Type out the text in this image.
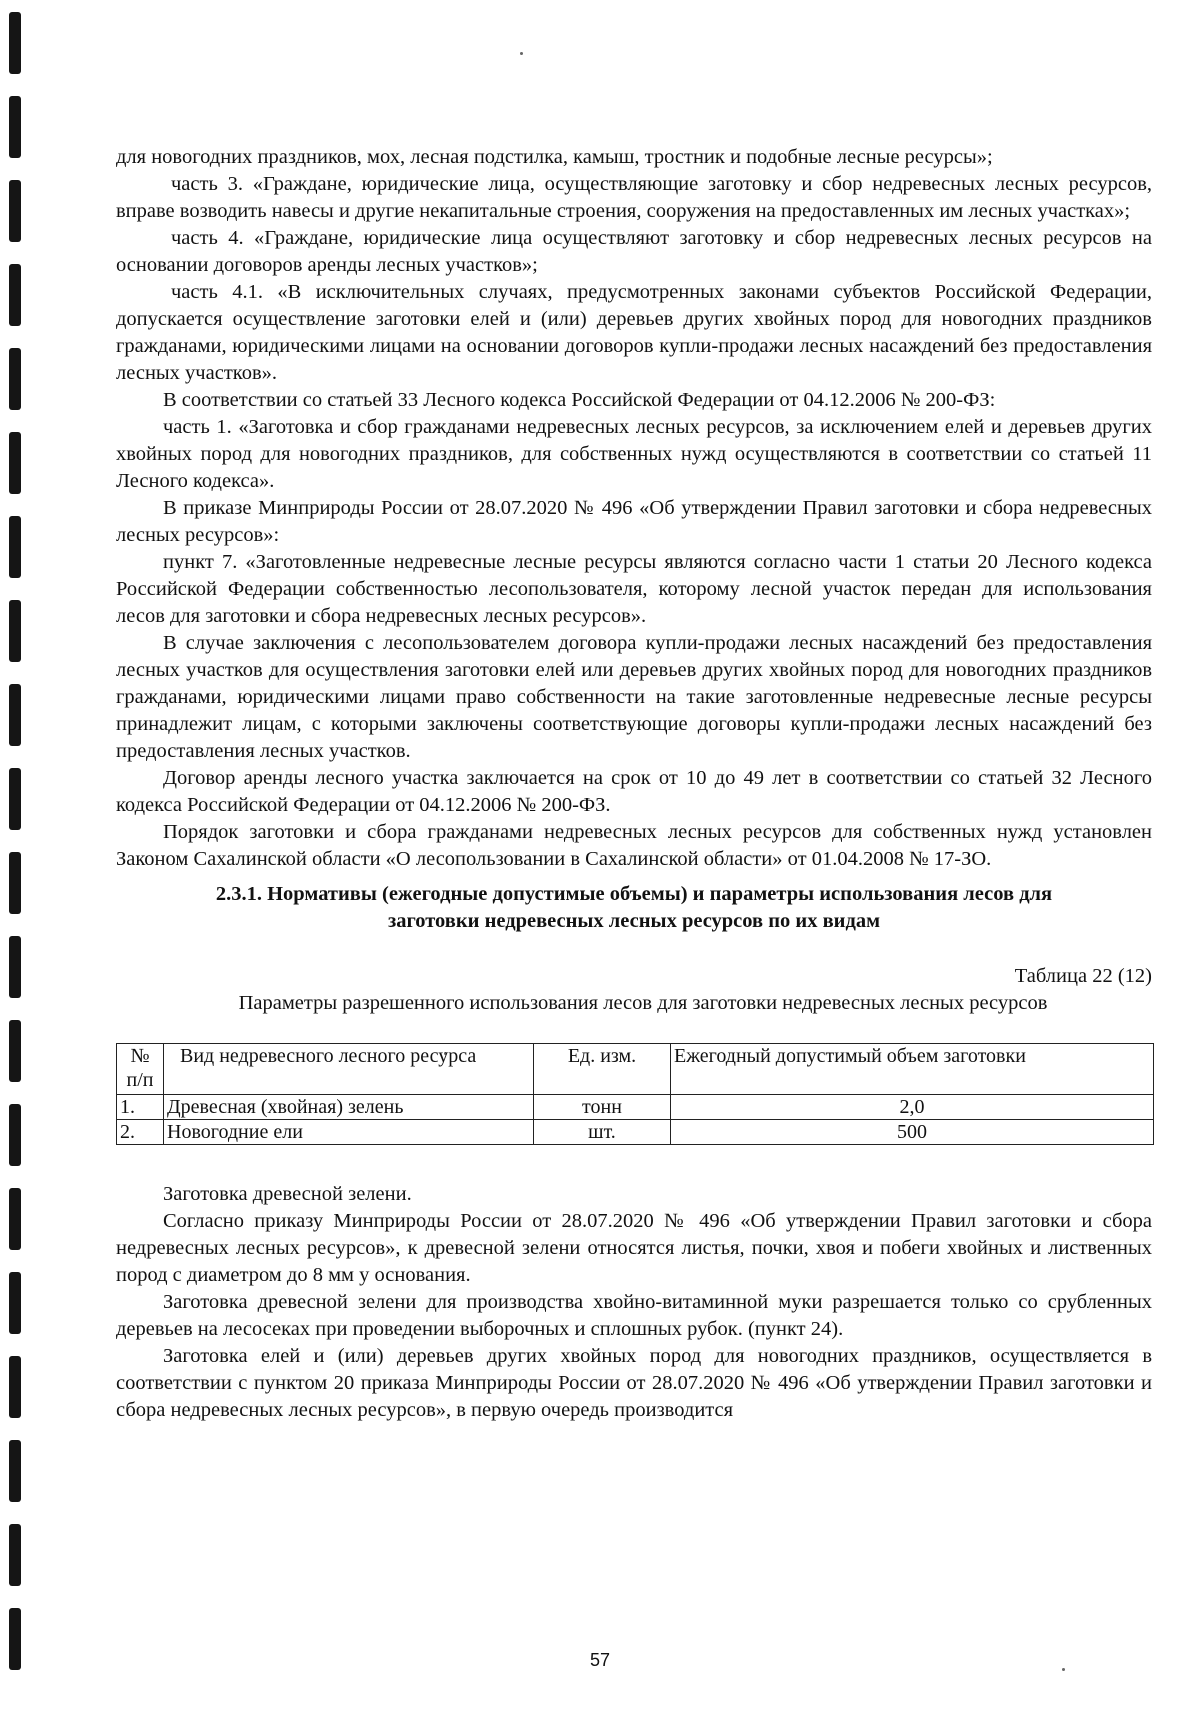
для новогодних праздников, мох, лесная подстилка, камыш, тростник и подобные лесные ресурсы»;

часть 3. «Граждане, юридические лица, осуществляющие заготовку и сбор недревесных лесных ресурсов, вправе возводить навесы и другие некапитальные строения, сооружения на предоставленных им лесных участках»;

часть 4. «Граждане, юридические лица осуществляют заготовку и сбор недревесных лесных ресурсов на основании договоров аренды лесных участков»;

часть 4.1. «В исключительных случаях, предусмотренных законами субъектов Российской Федерации, допускается осуществление заготовки елей и (или) деревьев других хвойных пород для новогодних праздников гражданами, юридическими лицами на основании договоров купли-продажи лесных насаждений без предоставления лесных участков».

В соответствии со статьей 33 Лесного кодекса Российской Федерации от 04.12.2006 № 200-ФЗ:

часть 1. «Заготовка и сбор гражданами недревесных лесных ресурсов, за исключением елей и деревьев других хвойных пород для новогодних праздников, для собственных нужд осуществляются в соответствии со статьей 11 Лесного кодекса».

В приказе Минприроды России от 28.07.2020 № 496 «Об утверждении Правил заготовки и сбора недревесных лесных ресурсов»:

пункт 7. «Заготовленные недревесные лесные ресурсы являются согласно части 1 статьи 20 Лесного кодекса Российской Федерации собственностью лесопользователя, которому лесной участок передан для использования лесов для заготовки и сбора недревесных лесных ресурсов».

В случае заключения с лесопользователем договора купли-продажи лесных насаждений без предоставления лесных участков для осуществления заготовки елей или деревьев других хвойных пород для новогодних праздников гражданами, юридическими лицами право собственности на такие заготовленные недревесные лесные ресурсы принадлежит лицам, с которыми заключены соответствующие договоры купли-продажи лесных насаждений без предоставления лесных участков.

Договор аренды лесного участка заключается на срок от 10 до 49 лет в соответствии со статьей 32 Лесного кодекса Российской Федерации от 04.12.2006 № 200-ФЗ.

Порядок заготовки и сбора гражданами недревесных лесных ресурсов для собственных нужд установлен Законом Сахалинской области «О лесопользовании в Сахалинской области» от 01.04.2008 № 17-ЗО.

2.3.1. Нормативы (ежегодные допустимые объемы) и параметры использования лесов для
заготовки недревесных лесных ресурсов по их видам
Таблица 22 (12)
Параметры разрешенного использования лесов для заготовки недревесных лесных ресурсов
№ п/п	Вид недревесного лесного ресурса	Ед. изм.	Ежегодный допустимый объем заготовки
1.	Древесная (хвойная) зелень	тонн	2,0
2.	Новогодние ели	шт.	500

Заготовка древесной зелени.

Согласно приказу Минприроды России от 28.07.2020 № 496 «Об утверждении Правил заготовки и сбора недревесных лесных ресурсов», к древесной зелени относятся листья, почки, хвоя и побеги хвойных и лиственных пород с диаметром до 8 мм у основания.

Заготовка древесной зелени для производства хвойно-витаминной муки разрешается только со срубленных деревьев на лесосеках при проведении выборочных и сплошных рубок. (пункт 24).

Заготовка елей и (или) деревьев других хвойных пород для новогодних праздников, осуществляется в соответствии с пунктом 20 приказа Минприроды России от 28.07.2020 № 496 «Об утверждении Правил заготовки и сбора недревесных лесных ресурсов», в первую очередь производится

57
